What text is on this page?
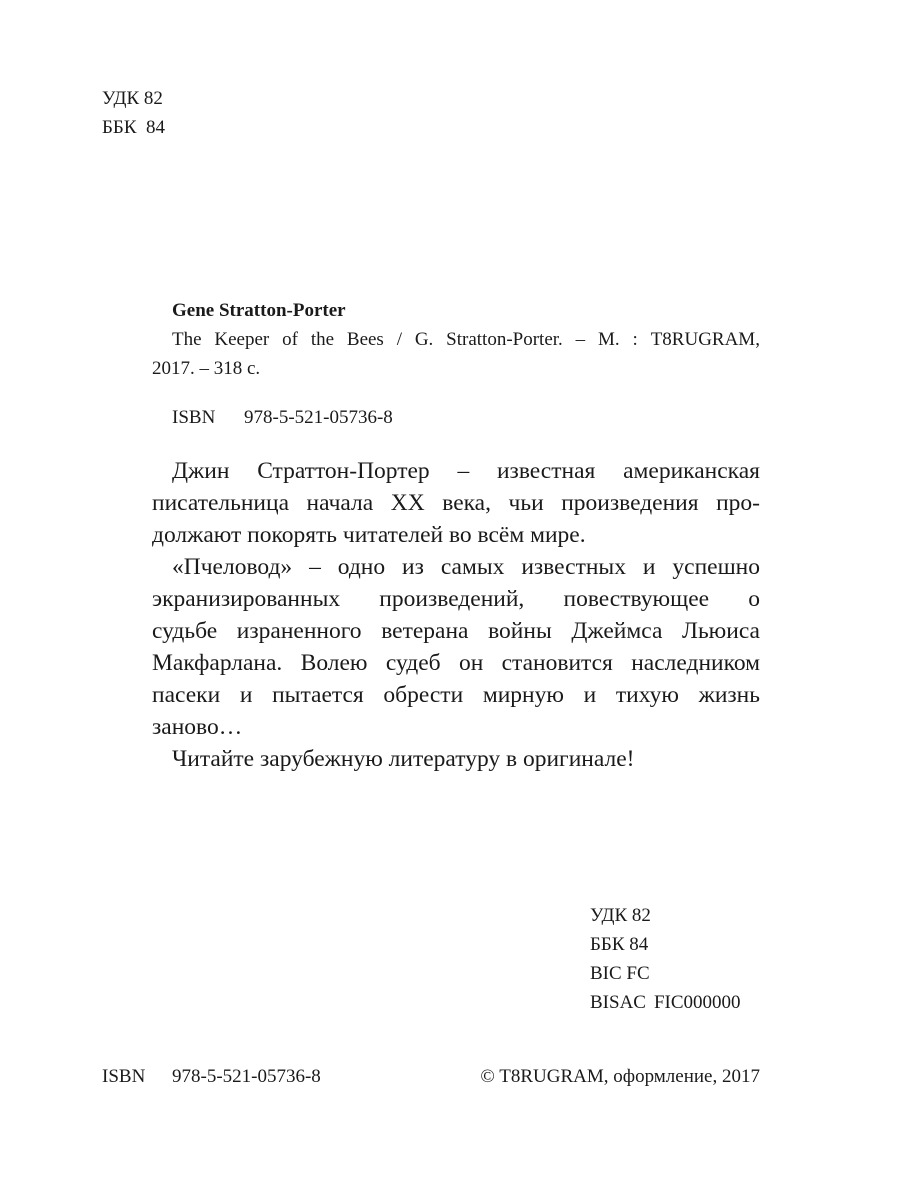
УДК 82
ББК  84
Gene Stratton-Porter
The Keeper of the Bees / G. Stratton-Porter. – M. : T8RUGRAM,
2017. – 318 с.
ISBN 978-5-521-05736-8
Джин Страттон-Портер – известная американская
писательница начала XX века, чьи произведения про-
должают покорять читателей во всём мире.
«Пчеловод» – одно из самых известных и успешно
экранизированных произведений, повествующее о
судьбе израненного ветерана войны Джеймса Льюиса
Макфарлана. Волею судеб он становится наследником
пасеки и пытается обрести мирную и тихую жизнь
заново…
Читайте зарубежную литературу в оригинале!
УДК 82
ББК 84
BIC FC
BISAC FIC000000
ISBN 978-5-521-05736-8	© T8RUGRAM, оформление, 2017
